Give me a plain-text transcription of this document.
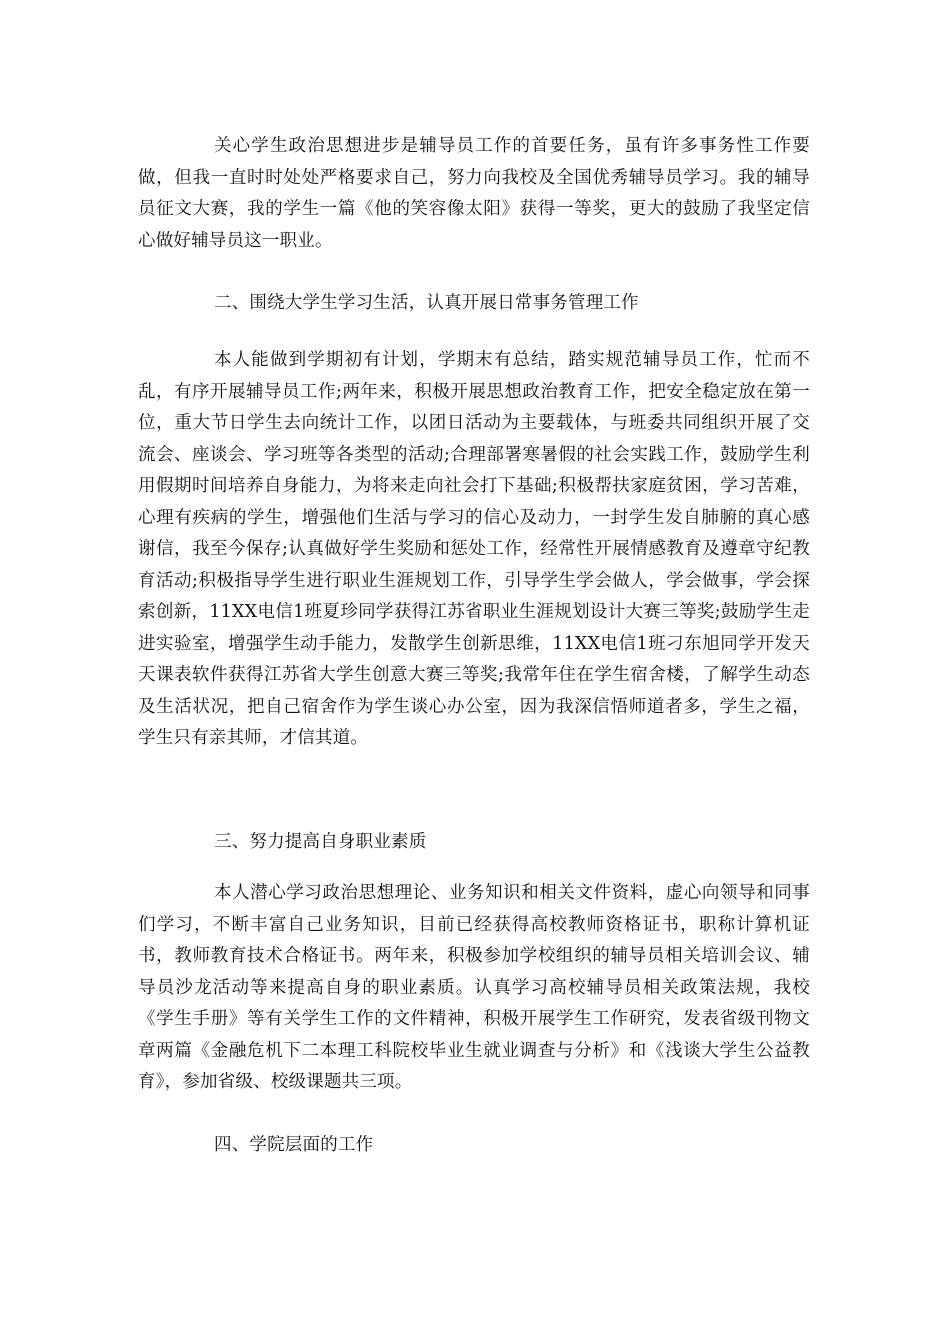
关心学生政治思想进步是辅导员工作的首要任务，虽有许多事务性工作要做，但我一直时时处处严格要求自己，努力向我校及全国优秀辅导员学习。我的辅导员征文大赛，我的学生一篇《他的笑容像太阳》获得一等奖，更大的鼓励了我坚定信心做好辅导员这一职业。

二、围绕大学生学习生活，认真开展日常事务管理工作

本人能做到学期初有计划，学期末有总结，踏实规范辅导员工作，忙而不乱，有序开展辅导员工作;两年来，积极开展思想政治教育工作，把安全稳定放在第一位，重大节日学生去向统计工作，以团日活动为主要载体，与班委共同组织开展了交流会、座谈会、学习班等各类型的活动;合理部署寒暑假的社会实践工作，鼓励学生利用假期时间培养自身能力，为将来走向社会打下基础;积极帮扶家庭贫困，学习苦难，心理有疾病的学生，增强他们生活与学习的信心及动力，一封学生发自肺腑的真心感谢信，我至今保存;认真做好学生奖励和惩处工作，经常性开展情感教育及遵章守纪教育活动;积极指导学生进行职业生涯规划工作，引导学生学会做人，学会做事，学会探索创新，11XX电信1班夏珍同学获得江苏省职业生涯规划设计大赛三等奖;鼓励学生走进实验室，增强学生动手能力，发散学生创新思维，11XX电信1班刁东旭同学开发天天课表软件获得江苏省大学生创意大赛三等奖;我常年住在学生宿舍楼，了解学生动态及生活状况，把自己宿舍作为学生谈心办公室，因为我深信悟师道者多，学生之福，学生只有亲其师，才信其道。

三、努力提高自身职业素质

本人潜心学习政治思想理论、业务知识和相关文件资料，虚心向领导和同事们学习，不断丰富自己业务知识，目前已经获得高校教师资格证书，职称计算机证书，教师教育技术合格证书。两年来，积极参加学校组织的辅导员相关培训会议、辅导员沙龙活动等来提高自身的职业素质。认真学习高校辅导员相关政策法规，我校《学生手册》等有关学生工作的文件精神，积极开展学生工作研究，发表省级刊物文章两篇《金融危机下二本理工科院校毕业生就业调查与分析》和《浅谈大学生公益教育》，参加省级、校级课题共三项。

四、学院层面的工作
